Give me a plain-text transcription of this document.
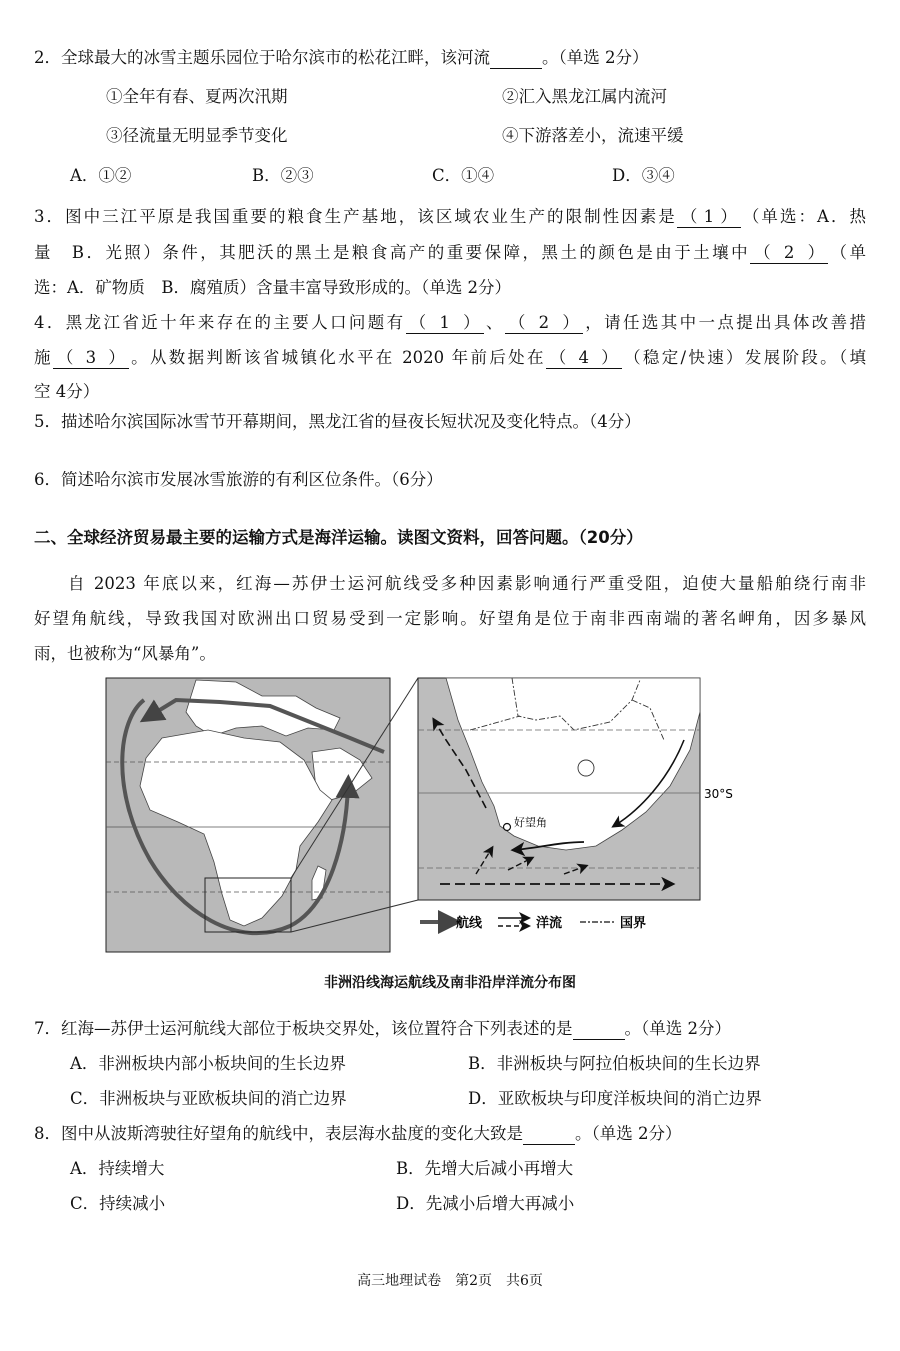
2．全球最大的冰雪主题乐园位于哈尔滨市的松花江畔，该河流	。（单选 2分）
①全年有春、夏两次汛期	②汇入黑龙江属内流河
③径流量无明显季节变化	④下游落差小，流速平缓
A．①②	B．②③	C．①④	D．③④
3．图中三江平原是我国重要的粮食生产基地，该区域农业生产的限制性因素是 （1） （单选：A．热
量　B．光照）条件，其肥沃的黑土是粮食高产的重要保障，黑土的颜色是由于土壤中 （2） （单
选：A．矿物质　B．腐殖质）含量丰富导致形成的。（单选 2分）
4．黑龙江省近十年来存在的主要人口问题有 （1） 、 （2） ，请任选其中一点提出具体改善措
施 （3） 。从数据判断该省城镇化水平在 2020 年前后处在 （4） （稳定/快速）发展阶段。（填
空 4分）
5．描述哈尔滨国际冰雪节开幕期间，黑龙江省的昼夜长短状况及变化特点。（4分）
6．简述哈尔滨市发展冰雪旅游的有利区位条件。（6分）
二、全球经济贸易最主要的运输方式是海洋运输。读图文资料，回答问题。（20分）
自 2023 年底以来，红海—苏伊士运河航线受多种因素影响通行严重受阻，迫使大量船舶绕行南非
好望角航线，导致我国对欧洲出口贸易受到一定影响。好望角是位于南非西南端的著名岬角，因多暴风
雨，也被称为“风暴角”。
好望角
30°S
航线	洋流	国界
非洲沿线海运航线及南非沿岸洋流分布图
7．红海—苏伊士运河航线大部位于板块交界处，该位置符合下列表述的是	。（单选 2分）
A．非洲板块内部小板块间的生长边界	B．非洲板块与阿拉伯板块间的生长边界
C．非洲板块与亚欧板块间的消亡边界	D．亚欧板块与印度洋板块间的消亡边界
8．图中从波斯湾驶往好望角的航线中，表层海水盐度的变化大致是	。（单选 2分）
A．持续增大	B．先增大后减小再增大
C．持续减小	D．先减小后增大再减小
高三地理试卷　第2页　共6页
